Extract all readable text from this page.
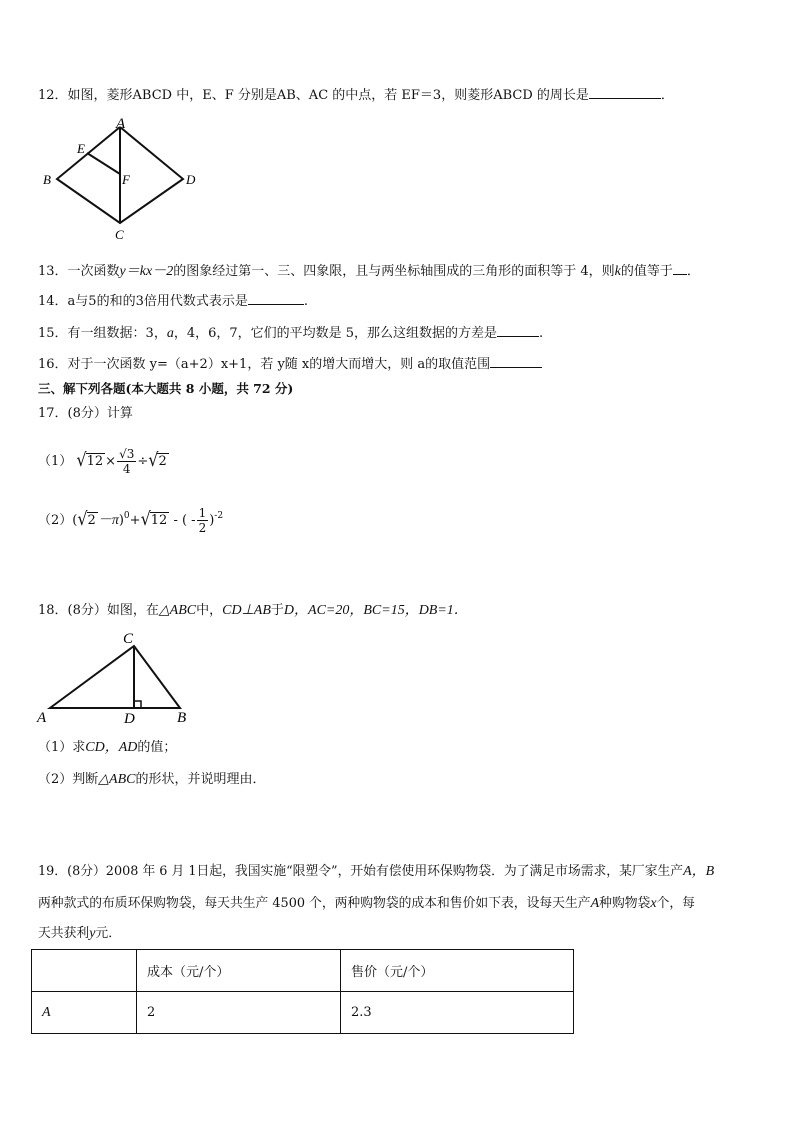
12．如图，菱形ABCD 中，E、F 分别是AB、AC 的中点，若 EF＝3，则菱形ABCD 的周长是	．
A
E
B	F	D
C
13．一次函数y＝kx－2的图象经过第一、三、四象限，且与两坐标轴围成的三角形的面积等于 4，则k的值等于 ．
14．a与5的和的3倍用代数式表示是	.
15．有一组数据：3，a，4，6，7，它们的平均数是 5，那么这组数据的方差是	.
16．对于一次函数 y=（a+2）x+1，若 y随 x的增大而增大，则 a的取值范围
三、解下列各题(本大题共 8 小题，共 72 分)
17．(8分）计算
（1） $√12 \times \frac{√3}{4} \div√2$
$(2)(√2 -\pi)^0+√12$ - ( - $\frac{1}{2} )^{-2}$
18．(8分）如图，在△ABC中，CD⊥AB于D，AC=20，BC=15，DB=1．
C
A	D	B
（1）求CD，AD的值；
（2）判断△ABC的形状，并说明理由．
19．(8分）2008 年 6 月 1日起，我国实施“限塑令”，开始有偿使用环保购物袋．为了满足市场需求，某厂家生产A，B
两种款式的布质环保购物袋，每天共生产 4500 个，两种购物袋的成本和售价如下表，设每天生产A种购物袋x个，每
天共获利y元．
	成本（元/个）	售价（元/个）
A	2	2.3
